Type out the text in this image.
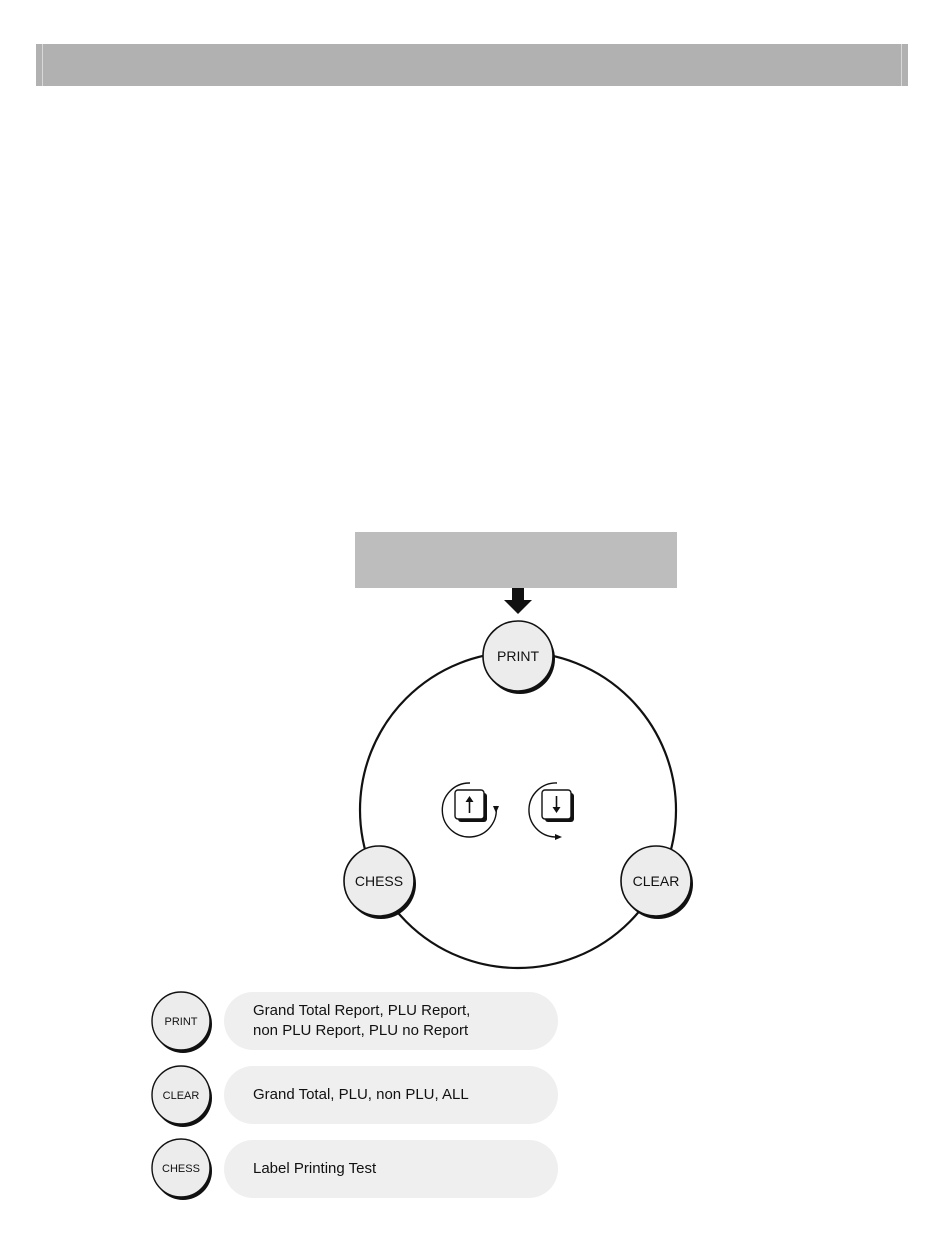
PRINT
CHESS	CLEAR
PRINT
CLEAR
CHESS
Grand Total Report, PLU Report,
non PLU Report, PLU no Report
Grand Total, PLU, non PLU, ALL
Label Printing Test
